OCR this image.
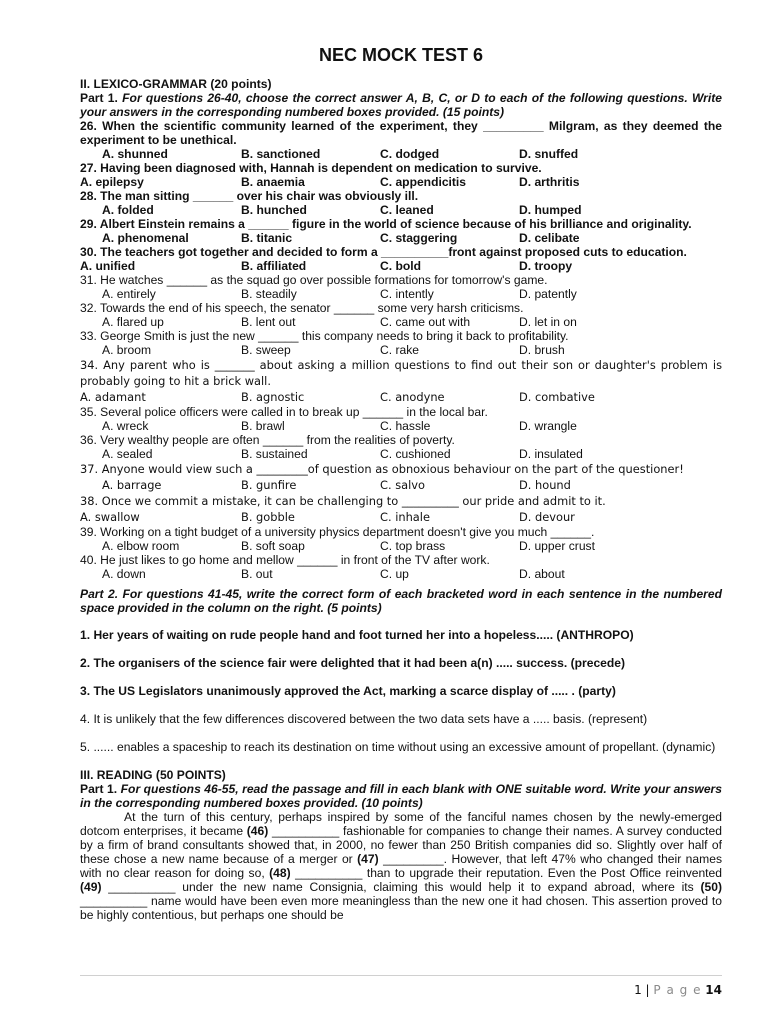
NEC MOCK TEST 6

II. LEXICO-GRAMMAR (20 points)

Part 1. For questions 26-40, choose the correct answer A, B, C, or D to each of the following questions. Write your answers in the corresponding numbered boxes provided. (15 points)

26. When the scientific community learned of the experiment, they _________ Milgram, as they deemed the experiment to be unethical.

A. shunned	B. sanctioned	C. dodged	D. snuffed

27. Having been diagnosed with, Hannah is dependent on medication to survive.

A. epilepsy	B. anaemia	C. appendicitis	D. arthritis

28. The man sitting ______ over his chair was obviously ill.

A. folded	B. hunched	C. leaned	D. humped

29. Albert Einstein remains a ______ figure in the world of science because of his brilliance and originality.

A. phenomenal	B. titanic	C. staggering	D. celibate

30. The teachers got together and decided to form a __________front against proposed cuts to education.

A. unified	B. affiliated	C. bold	D. troopy

31. He watches ______ as the squad go over possible formations for tomorrow's game.

A. entirely	B. steadily	C. intently	D. patently

32. Towards the end of his speech, the senator ______ some very harsh criticisms.

A. flared up	B. lent out	C. came out with	D. let in on

33. George Smith is just the new ______ this company needs to bring it back to profitability.

A. broom	B. sweep	C. rake	D. brush

34. Any parent who is _______ about asking a million questions to find out their son or daughter's problem is probably going to hit a brick wall.

A. adamant	B. agnostic	C. anodyne	D. combative

35. Several police officers were called in to break up ______ in the local bar.

A. wreck	B. brawl	C. hassle	D. wrangle

36. Very wealthy people are often ______ from the realities of poverty.

A. sealed	B. sustained	C. cushioned	D. insulated

37. Anyone would view such a _________of question as obnoxious behaviour on the part of the questioner!

A. barrage	B. gunfire	C. salvo	D. hound

38. Once we commit a mistake, it can be challenging to __________ our pride and admit to it.

A. swallow	B. gobble	C. inhale	D. devour

39. Working on a tight budget of a university physics department doesn't give you much ______.

A. elbow room	B. soft soap	C. top brass	D. upper crust

40. He just likes to go home and mellow ______ in front of the TV after work.

A. down	B. out	C. up	D. about

Part 2. For questions 41-45, write the correct form of each bracketed word in each sentence in the numbered space provided in the column on the right. (5 points)

1. Her years of waiting on rude people hand and foot turned her into a hopeless..... (ANTHROPO)

2. The organisers of the science fair were delighted that it had been a(n) ..... success. (precede)

3. The US Legislators unanimously approved the Act, marking a scarce display of ..... . (party)

4. It is unlikely that the few differences discovered between the two data sets have a ..... basis. (represent)

5. ...... enables a spaceship to reach its destination on time without using an excessive amount of propellant. (dynamic)

III. READING (50 POINTS)

Part 1. For questions 46-55, read the passage and fill in each blank with ONE suitable word. Write your answers in the corresponding numbered boxes provided. (10 points)

At the turn of this century, perhaps inspired by some of the fanciful names chosen by the newly-emerged dotcom enterprises, it became (46) __________ fashionable for companies to change their names. A survey conducted by a firm of brand consultants showed that, in 2000, no fewer than 250 British companies did so. Slightly over half of these chose a new name because of a merger or (47) _________. However, that left 47% who changed their names with no clear reason for doing so, (48) __________ than to upgrade their reputation. Even the Post Office reinvented (49) __________ under the new name Consignia, claiming this would help it to expand abroad, where its (50) __________ name would have been even more meaningless than the new one it had chosen. This assertion proved to be highly contentious, but perhaps one should be

1 | P a g e 14
